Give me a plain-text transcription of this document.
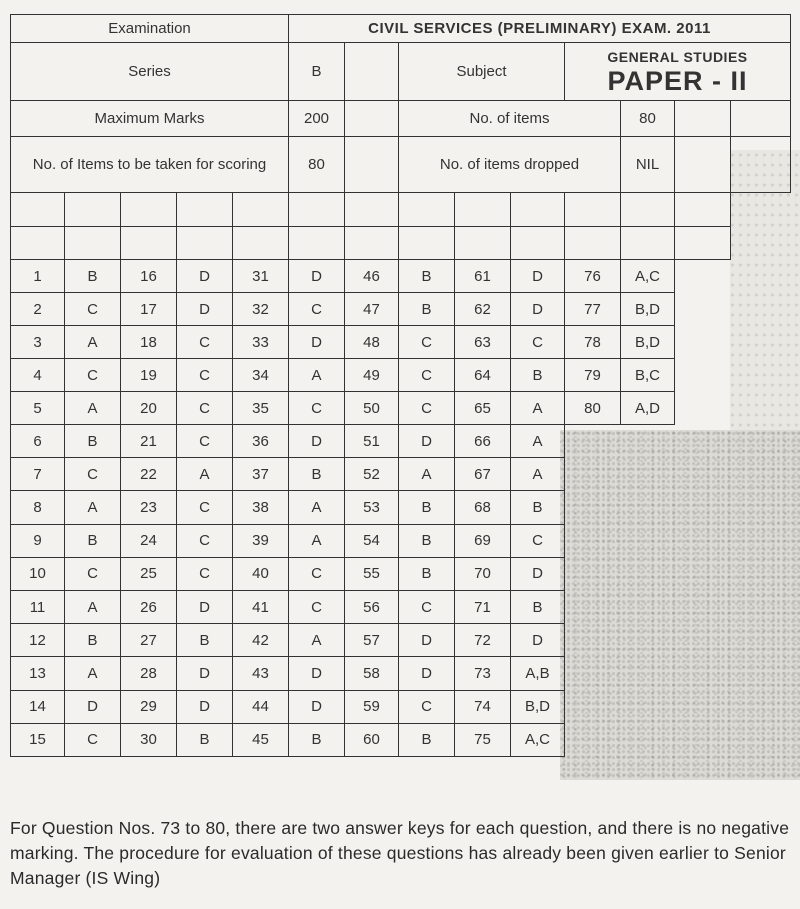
Examination					CIVIL SERVICES (PRELIMINARY) EXAM. 2011								
Series					B		Subject			GENERAL STUDIES
PAPER - II			

Maximum Marks					200		No. of items				80		
No. of Items to be taken for scoring					80		No. of items dropped				NIL		

1	B	16	D	31	D	46	B	61	D	76	A,C		
2	C	17	D	32	C	47	B	62	D	77	B,D		
3	A	18	C	33	D	48	C	63	C	78	B,D		
4	C	19	C	34	A	49	C	64	B	79	B,C		
5	A	20	C	35	C	50	C	65	A	80	A,D		
6	B	21	C	36	D	51	D	66	A				
7	C	22	A	37	B	52	A	67	A				
8	A	23	C	38	A	53	B	68	B				
9	B	24	C	39	A	54	B	69	C				
10	C	25	C	40	C	55	B	70	D				
11	A	26	D	41	C	56	C	71	B				
12	B	27	B	42	A	57	D	72	D				
13	A	28	D	43	D	58	D	73	A,B				
14	D	29	D	44	D	59	C	74	B,D				
15	C	30	B	45	B	60	B	75	A,C				
For Question Nos. 73 to 80, there are two answer keys for each question, and there is no negative marking. The procedure for evaluation of these questions has already been given earlier to Senior Manager (IS Wing)
